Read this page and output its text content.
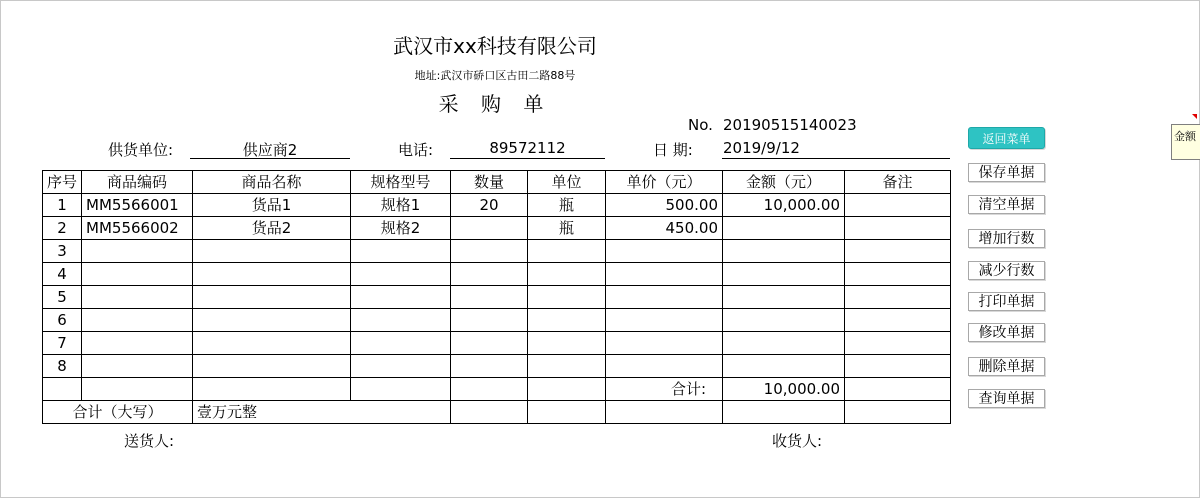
武汉市xx科技有限公司
地址:武汉市硚口区古田二路88号
采 购 单
No. 20190515140023
供货单位:	供应商2	电话:	89572112	日 期: 2019/9/12
序号	商品编码	商品名称	规格型号	数量	单位	单价（元）	金额（元）	备注
1	MM5566001	货品1	规格1	20	瓶	500.00	10,000.00	
2	MM5566002	货品2	规格2		瓶	450.00		
3								
4								
5								
6								
7								
8								
						合计:	10,000.00	
合计（大写）		壹万元整						
送货人:	收货人:
返回菜单
保存单据
清空单据
增加行数
减少行数
打印单据
修改单据
删除单据
查询单据
金额
